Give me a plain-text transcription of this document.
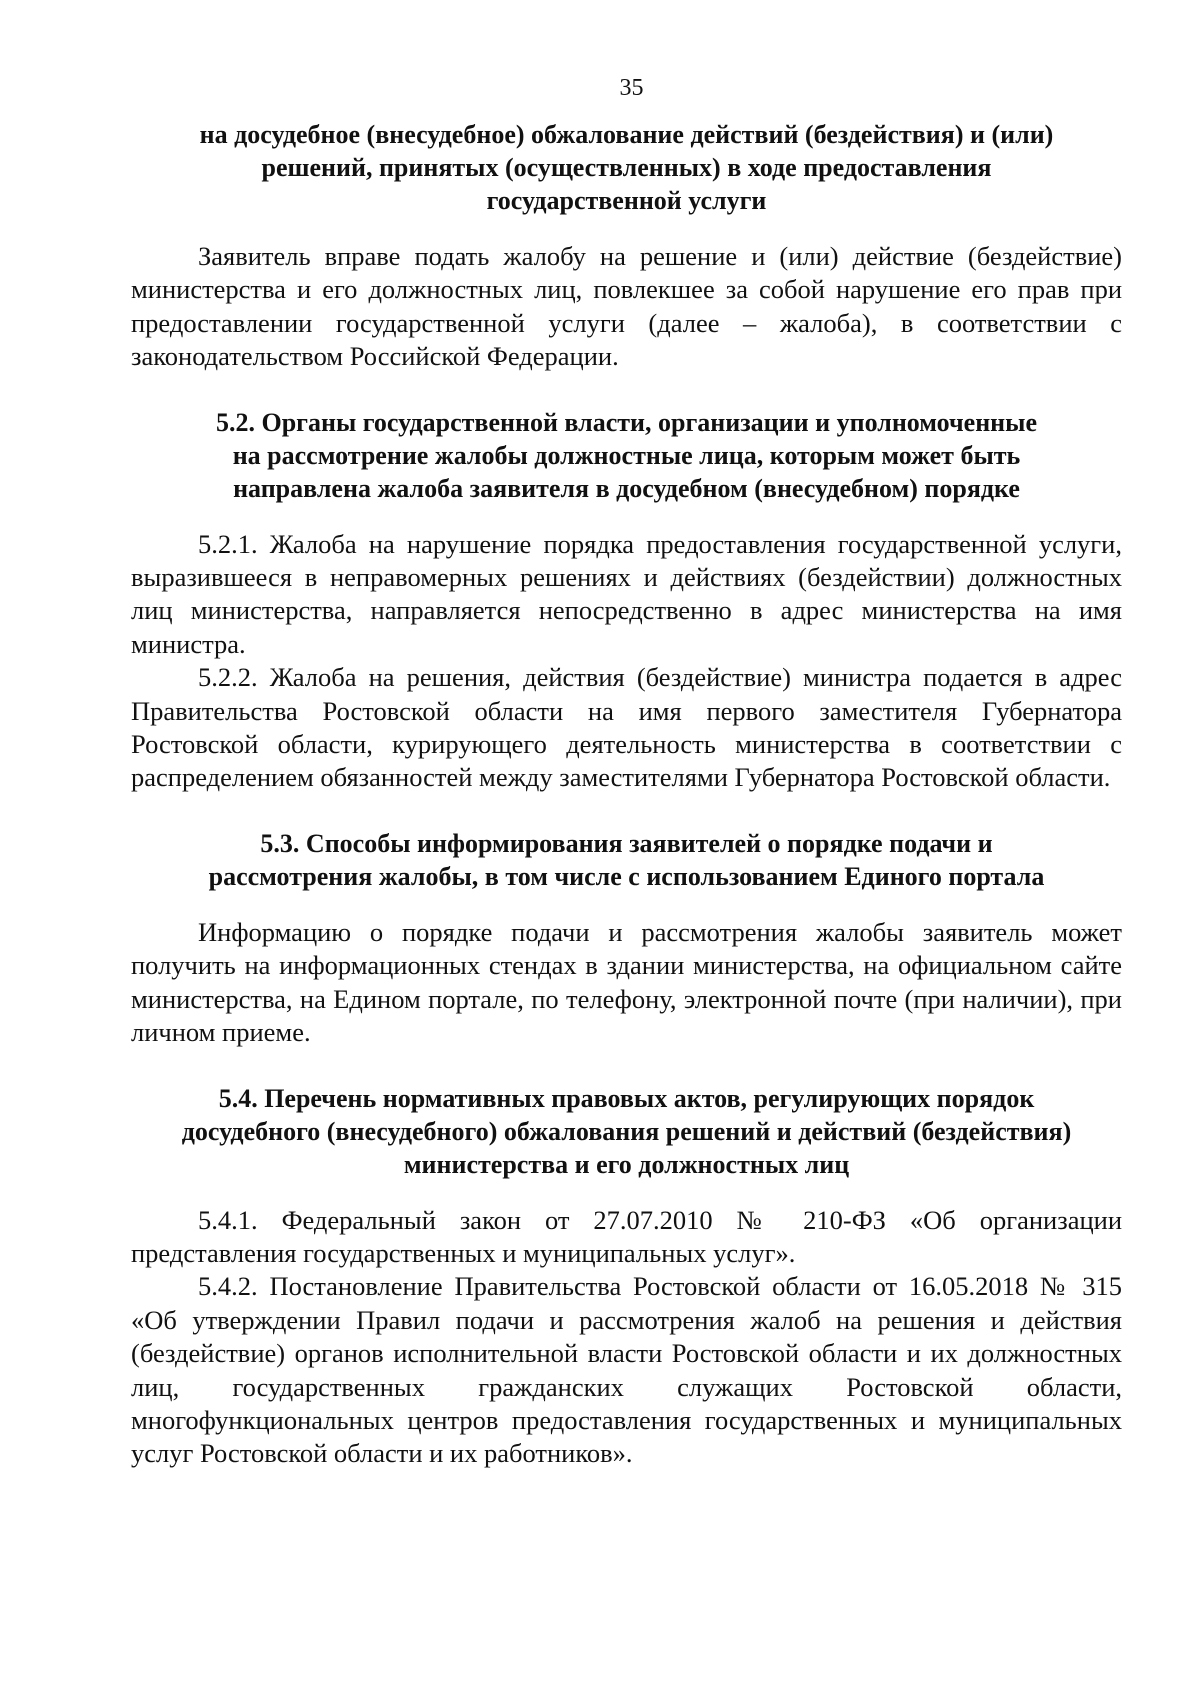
35
на досудебное (внесудебное) обжалование действий (бездействия) и (или)
решений, принятых (осуществленных) в ходе предоставления
государственной услуги

Заявитель вправе подать жалобу на решение и (или) действие (бездействие) министерства и его должностных лиц, повлекшее за собой нарушение его прав при предоставлении государственной услуги (далее – жалоба), в соответствии с законодательством Российской Федерации.

5.2. Органы государственной власти, организации и уполномоченные
на рассмотрение жалобы должностные лица, которым может быть
направлена жалоба заявителя в досудебном (внесудебном) порядке

5.2.1. Жалоба на нарушение порядка предоставления государственной услуги, выразившееся в неправомерных решениях и действиях (бездействии) должностных лиц министерства, направляется непосредственно в адрес министерства на имя министра.

5.2.2. Жалоба на решения, действия (бездействие) министра подается в адрес Правительства Ростовской области на имя первого заместителя Губернатора Ростовской области, курирующего деятельность министерства в соответствии с распределением обязанностей между заместителями Губернатора Ростовской области.

5.3. Способы информирования заявителей о порядке подачи и
рассмотрения жалобы, в том числе с использованием Единого портала

Информацию о порядке подачи и рассмотрения жалобы заявитель может получить на информационных стендах в здании министерства, на официальном сайте министерства, на Едином портале, по телефону, электронной почте (при наличии), при личном приеме.

5.4. Перечень нормативных правовых актов, регулирующих порядок
досудебного (внесудебного) обжалования решений и действий (бездействия)
министерства и его должностных лиц

5.4.1. Федеральный закон от 27.07.2010 № 210-ФЗ «Об организации представления государственных и муниципальных услуг».

5.4.2. Постановление Правительства Ростовской области от 16.05.2018 № 315 «Об утверждении Правил подачи и рассмотрения жалоб на решения и действия (бездействие) органов исполнительной власти Ростовской области и их должностных лиц, государственных гражданских служащих Ростовской области, многофункциональных центров предоставления государственных и муниципальных услуг Ростовской области и их работников».
